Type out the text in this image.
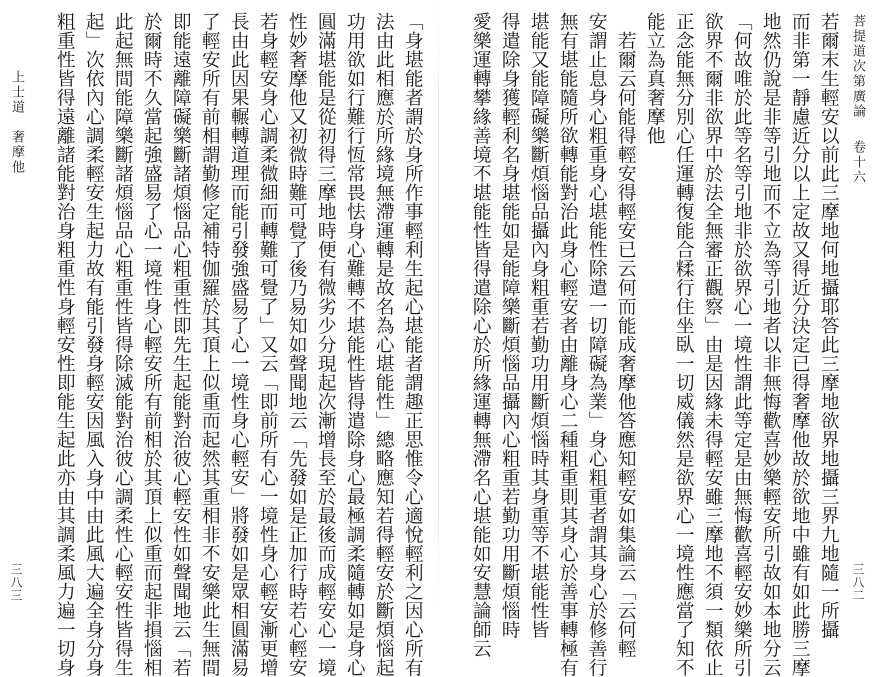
菩提道次第廣論
卷十六
三八二
若爾末生輕安以前此三摩地何地攝耶答此三摩地欲界地攝三界九地隨一所攝
而非第一靜慮近分以上定故又得近分決定已得奢摩他故於欲地中雖有如此勝三摩
地然仍說是非等引地而不立為等引地者以非無悔歡喜妙樂輕安所引故如本地分云
「何故唯於此等名等引地非於欲界心一境性謂此等定是由無悔歡喜輕安妙樂所引
欲界不爾非欲界中於法全無審正觀察」由是因緣未得輕安雖三摩地不須一類依止
正念能無分別心任運轉復能合糅行住坐臥一切威儀然是欲界心一境性應當了知不
能立為真奢摩他
　若爾云何能得輕安得輕安已云何而能成奢摩他答應知輕安如集論云「云何輕
安謂止息身心粗重身心堪能性除遣一切障礙為業」身心粗重者謂其身心於修善行
無有堪能隨所欲轉能對治此身心輕安者由離身心二種粗重則其身心於善事轉極有
堪能又能障礙樂斷煩惱品攝內身粗重若勤功用斷煩惱時其身重等不堪能性皆
得遣除身獲輕利名身堪能如是能障樂斷煩惱品攝內心粗重若勤功用斷煩惱時
愛樂運轉攀緣善境不堪能性皆得遣除心於所緣運轉無滯名心堪能如安慧論師云
上士道　奢摩他
三八三	「身堪能者謂於身所作事輕利生起心堪能者謂趣正思惟令心適悅輕利之因心所有
法由此相應於所緣境無滯運轉是故名為心堪能性」總略應知若得輕安於斷煩惱起
功用欲如行難行恆常畏怯身心難轉不堪能性皆得遣除身心最極調柔隨轉如是身心
圓滿堪能是從初得三摩地時便有微劣少分現起次漸增長至於最後而成輕安心一境
性妙奢摩他又初微時難可覺了後乃易知如聲聞地云「先發如是正加行時若心輕安
若身輕安身心調柔微細而轉難可覺了」又云「即前所有心一境性身心輕安漸更增
長由此因果輾轉道理而能引發強盛易了心一境性身心輕安」將發如是眾相圓滿易
了輕安所有前相謂勤修定補特伽羅於其頂上似重而起然其重相非不安樂此生無間
即能遠離障礙樂斷諸煩惱品心粗重性即先生起能對治彼心輕安性如聲聞地云「若
於爾時不久當起強盛易了心一境性身心輕安所有前相於其頂上似重而起非損惱相
此起無間能障樂斷諸煩惱品心粗重性皆得除滅能對治彼心調柔性心輕安性皆得生
起」次依內心調柔輕安生起力故有能引發身輕安因風入身中由此風大遍全身分身
粗重性皆得遠離諸能對治身粗重性身輕安性即能生起此亦由其調柔風力遍一切身
